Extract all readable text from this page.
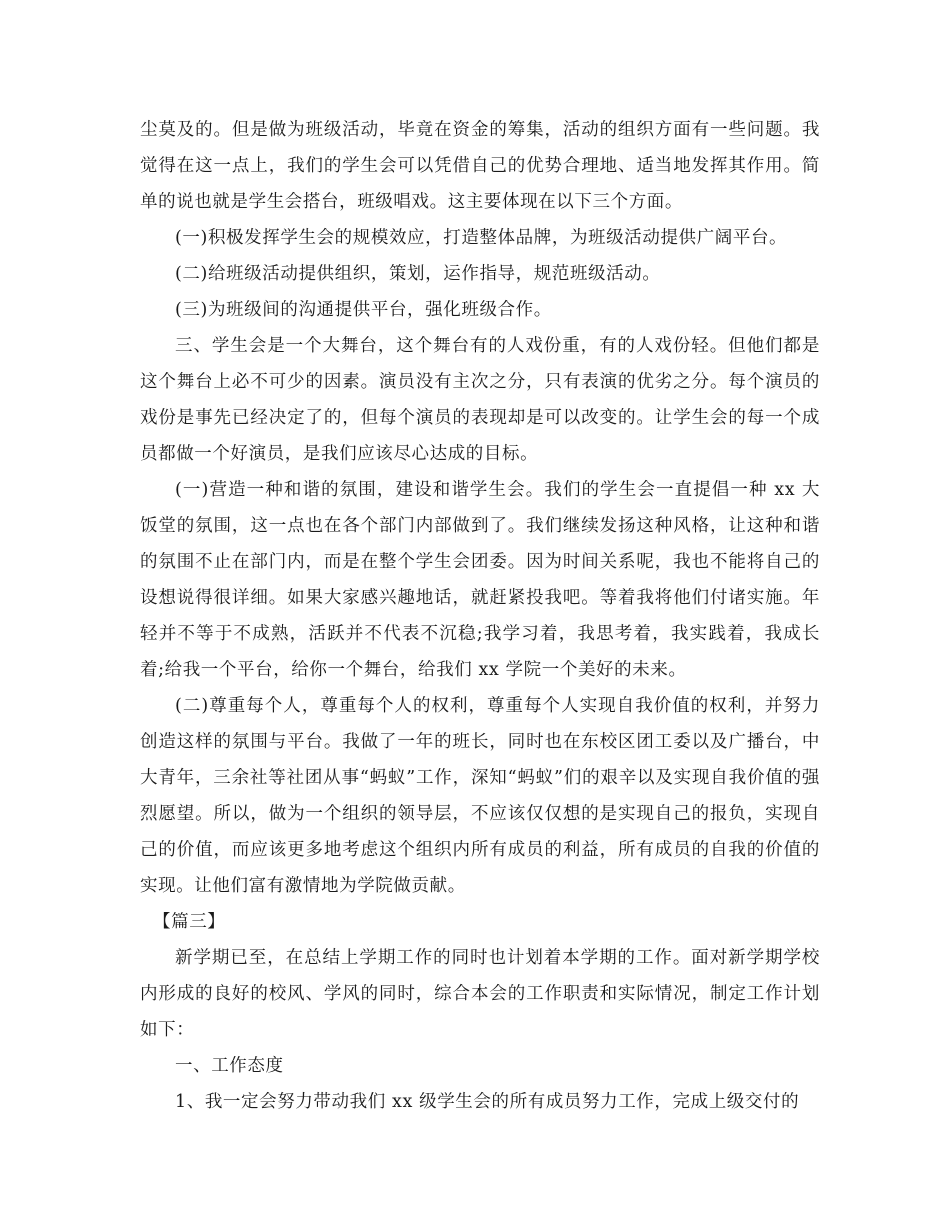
尘莫及的。但是做为班级活动，毕竟在资金的筹集，活动的组织方面有一些问题。我觉得在这一点上，我们的学生会可以凭借自己的优势合理地、适当地发挥其作用。简单的说也就是学生会搭台，班级唱戏。这主要体现在以下三个方面。

(一)积极发挥学生会的规模效应，打造整体品牌，为班级活动提供广阔平台。

(二)给班级活动提供组织，策划，运作指导，规范班级活动。

(三)为班级间的沟通提供平台，强化班级合作。

三、学生会是一个大舞台，这个舞台有的人戏份重，有的人戏份轻。但他们都是这个舞台上必不可少的因素。演员没有主次之分，只有表演的优劣之分。每个演员的戏份是事先已经决定了的，但每个演员的表现却是可以改变的。让学生会的每一个成员都做一个好演员，是我们应该尽心达成的目标。

(一)营造一种和谐的氛围，建设和谐学生会。我们的学生会一直提倡一种 xx 大饭堂的氛围，这一点也在各个部门内部做到了。我们继续发扬这种风格，让这种和谐的氛围不止在部门内，而是在整个学生会团委。因为时间关系呢，我也不能将自己的设想说得很详细。如果大家感兴趣地话，就赶紧投我吧。等着我将他们付诸实施。年轻并不等于不成熟，活跃并不代表不沉稳;我学习着，我思考着，我实践着，我成长着;给我一个平台，给你一个舞台，给我们 xx 学院一个美好的未来。

(二)尊重每个人，尊重每个人的权利，尊重每个人实现自我价值的权利，并努力创造这样的氛围与平台。我做了一年的班长，同时也在东校区团工委以及广播台，中大青年，三余社等社团从事“蚂蚁”工作，深知“蚂蚁”们的艰辛以及实现自我价值的强烈愿望。所以，做为一个组织的领导层，不应该仅仅想的是实现自己的报负，实现自己的价值，而应该更多地考虑这个组织内所有成员的利益，所有成员的自我的价值的实现。让他们富有激情地为学院做贡献。

【篇三】

新学期已至，在总结上学期工作的同时也计划着本学期的工作。面对新学期学校内形成的良好的校风、学风的同时，综合本会的工作职责和实际情况，制定工作计划如下：

一、工作态度

1、我一定会努力带动我们 xx 级学生会的所有成员努力工作，完成上级交付的
